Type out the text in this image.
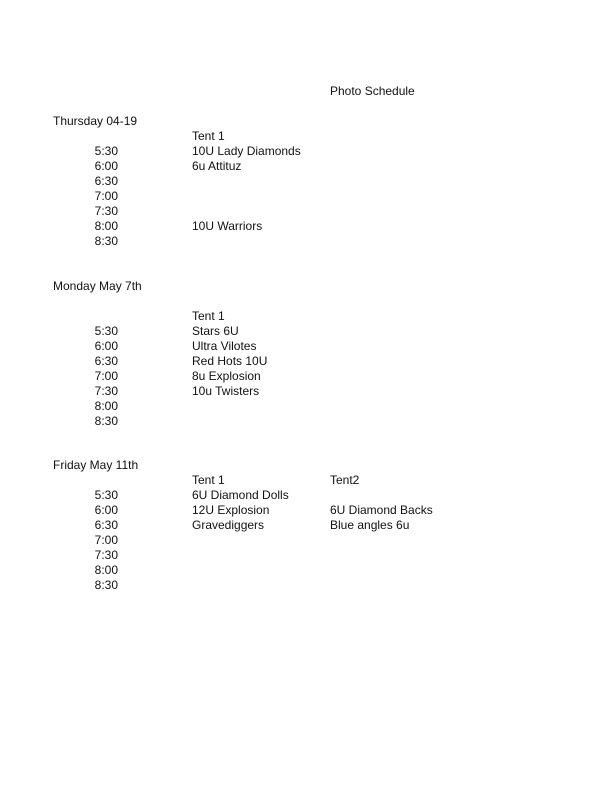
Photo Schedule
Thursday 04-19
Tent 1
5:30	10U Lady Diamonds
6:00	6u Attituz
6:30
7:00
7:30
8:00	10U Warriors
8:30
Monday May 7th
Tent 1
5:30	Stars 6U
6:00	Ultra Vilotes
6:30	Red Hots 10U
7:00	8u Explosion
7:30	10u Twisters
8:00
8:30
Friday May 11th
Tent 1	Tent2
5:30	6U Diamond Dolls
6:00	12U Explosion	6U Diamond Backs
6:30	Gravediggers	Blue angles 6u
7:00
7:30
8:00
8:30
